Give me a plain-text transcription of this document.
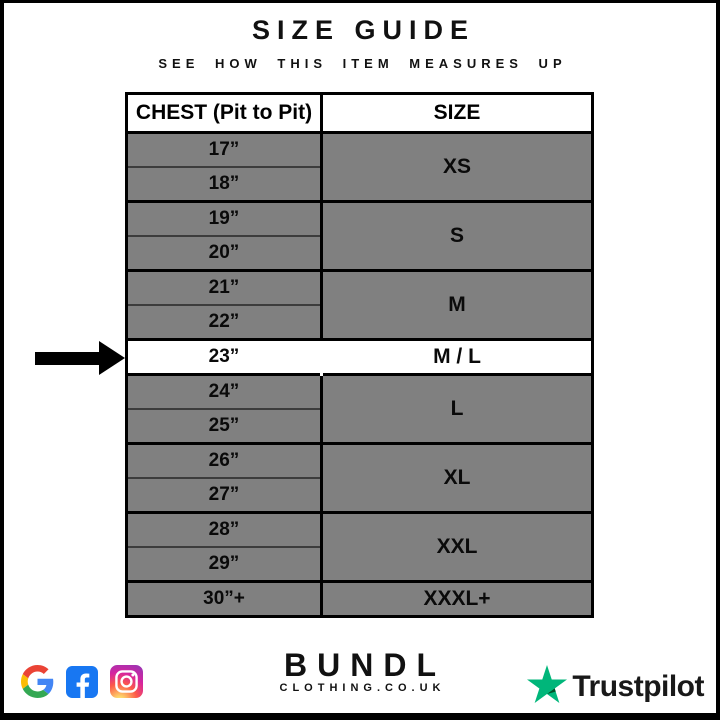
SIZE GUIDE
SEE HOW THIS ITEM MEASURES UP
CHEST (Pit to Pit)	SIZE
17”	XS
18”	
19”	S
20”	
21”	M
22”	
23”	M / L
24”	L
25”	
26”	XL
27”	
28”	XXL
29”	
30”+	XXXL+
BUNDL
CLOTHING.CO.UK	Trustpilot
